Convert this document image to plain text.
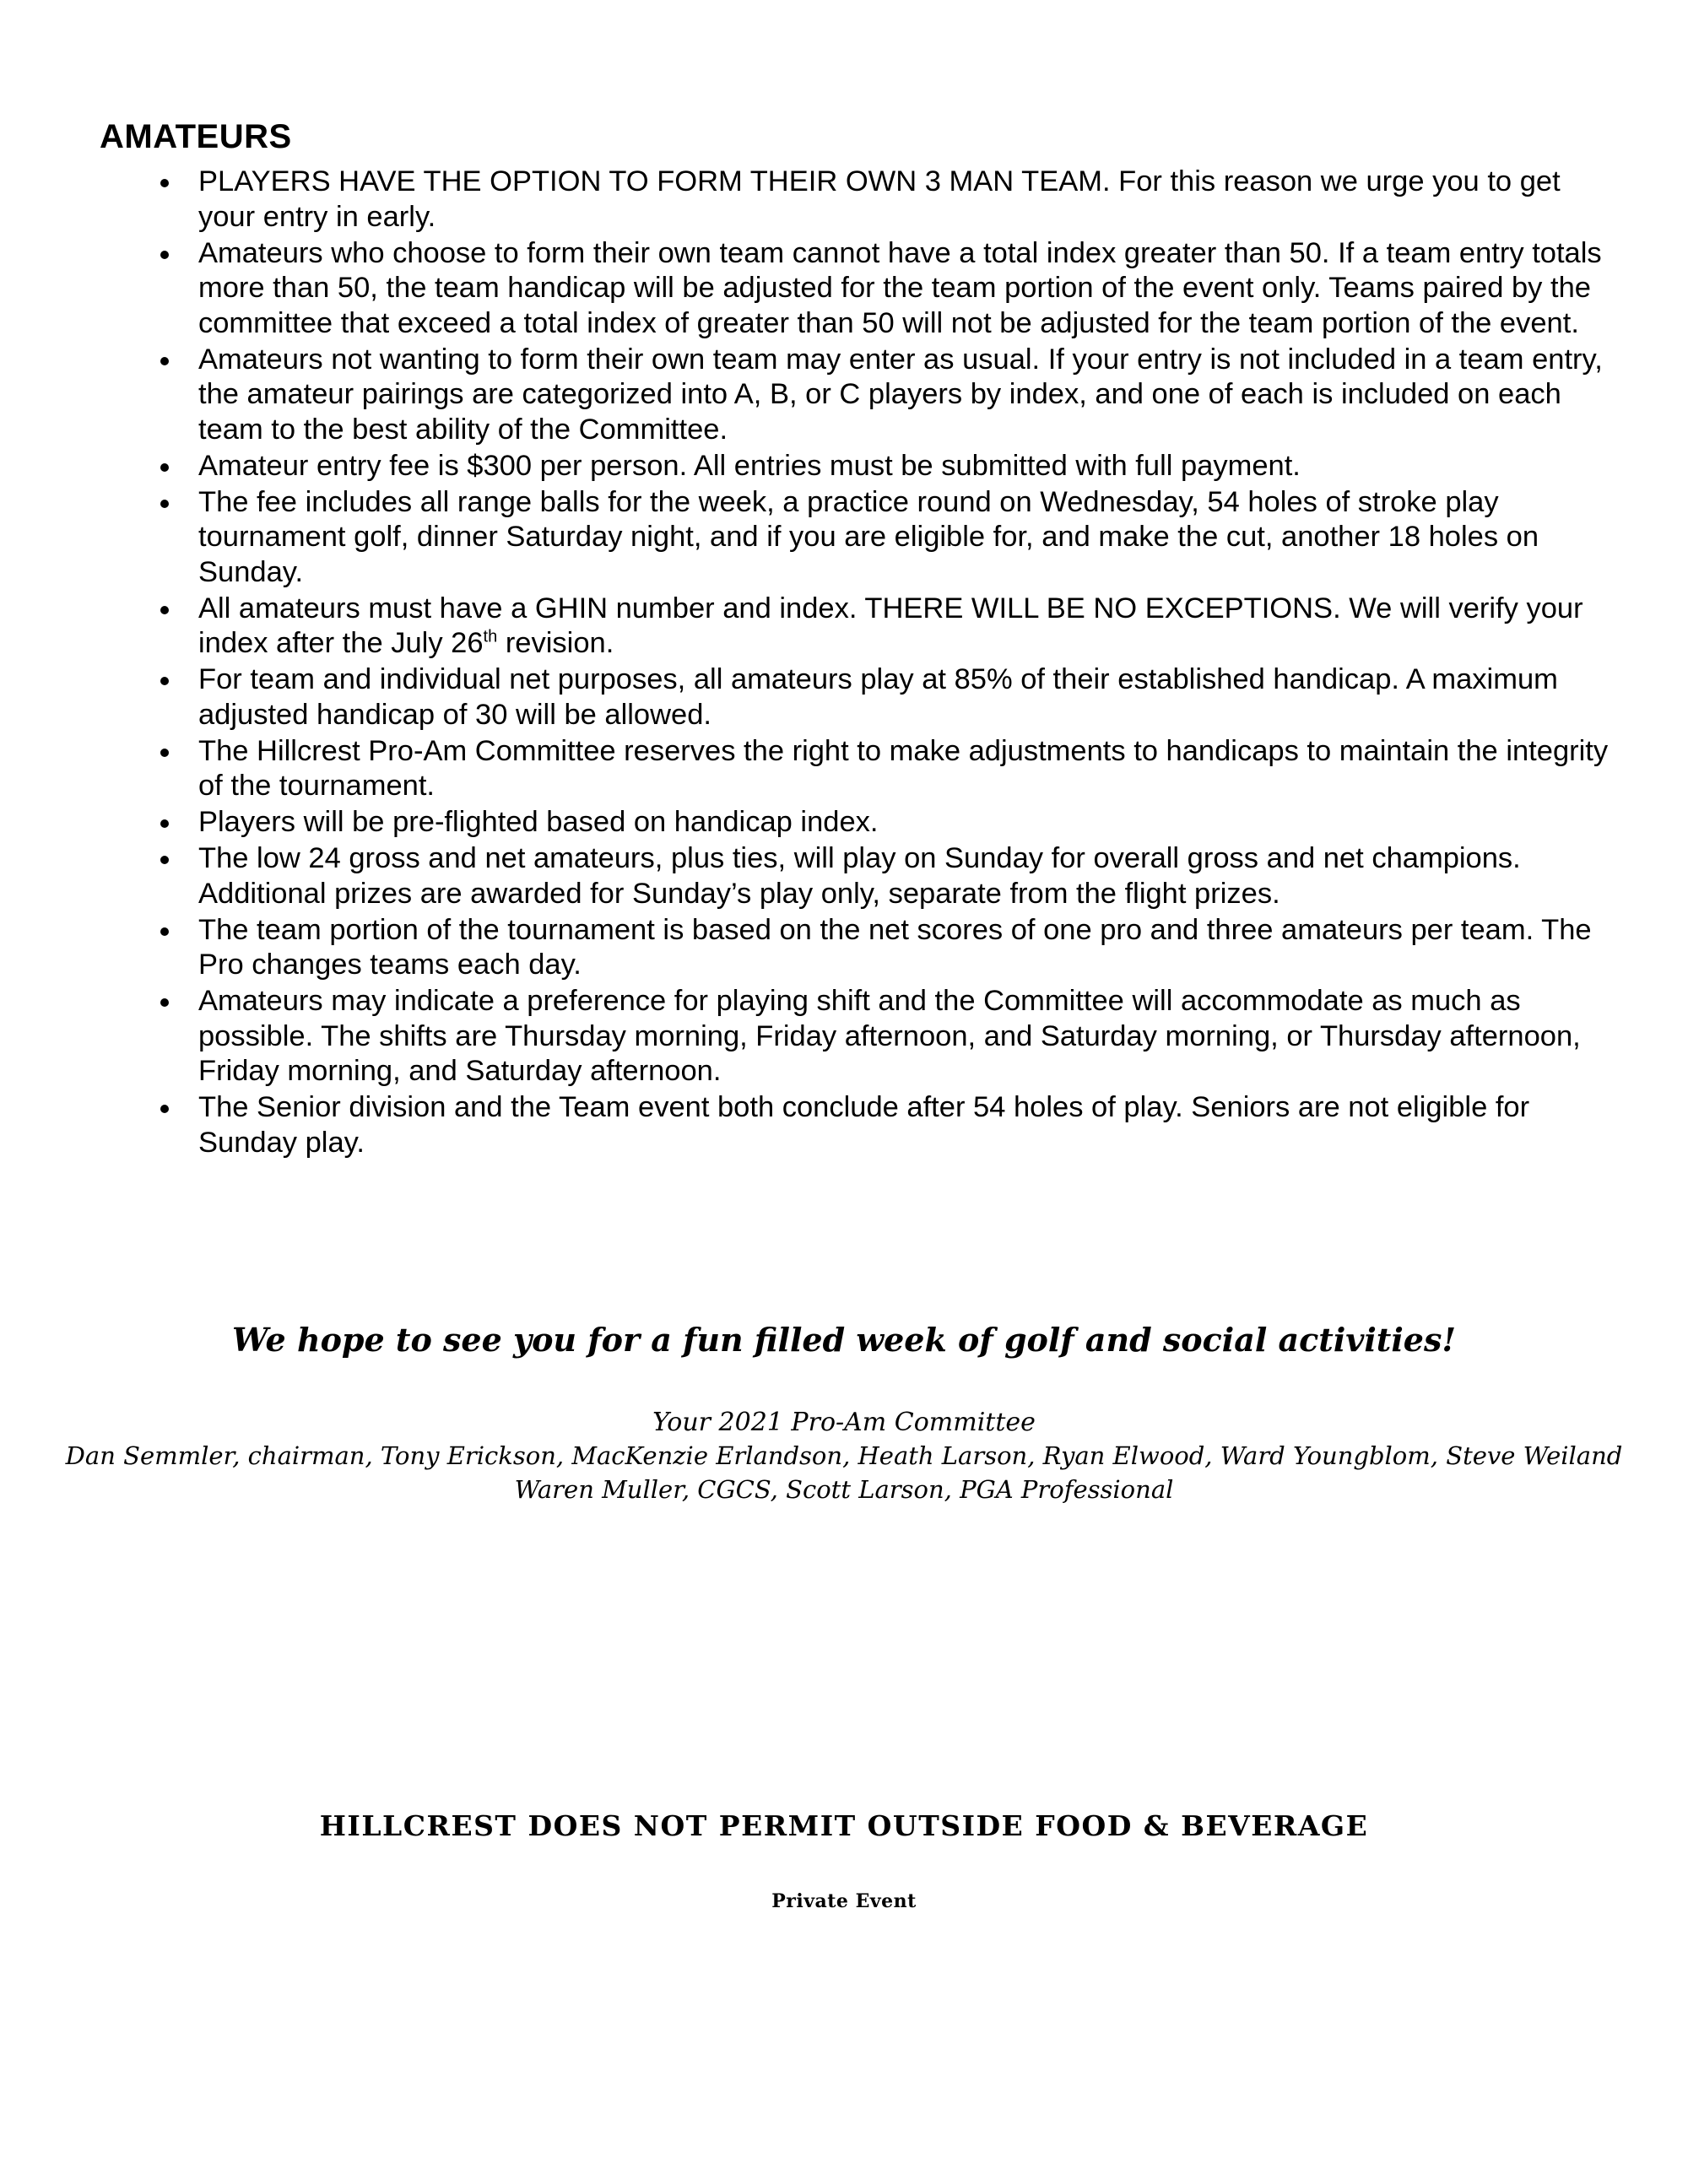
AMATEURS
PLAYERS HAVE THE OPTION TO FORM THEIR OWN 3 MAN TEAM. For this reason we urge you to get your entry in early.
Amateurs who choose to form their own team cannot have a total index greater than 50. If a team entry totals more than 50, the team handicap will be adjusted for the team portion of the event only. Teams paired by the committee that exceed a total index of greater than 50 will not be adjusted for the team portion of the event.
Amateurs not wanting to form their own team may enter as usual. If your entry is not included in a team entry, the amateur pairings are categorized into A, B, or C players by index, and one of each is included on each team to the best ability of the Committee.
Amateur entry fee is $300 per person. All entries must be submitted with full payment.
The fee includes all range balls for the week, a practice round on Wednesday, 54 holes of stroke play tournament golf, dinner Saturday night, and if you are eligible for, and make the cut, another 18 holes on Sunday.
All amateurs must have a GHIN number and index. THERE WILL BE NO EXCEPTIONS. We will verify your index after the July 26th revision.
For team and individual net purposes, all amateurs play at 85% of their established handicap. A maximum adjusted handicap of 30 will be allowed.
The Hillcrest Pro-Am Committee reserves the right to make adjustments to handicaps to maintain the integrity of the tournament.
Players will be pre-flighted based on handicap index.
The low 24 gross and net amateurs, plus ties, will play on Sunday for overall gross and net champions. Additional prizes are awarded for Sunday’s play only, separate from the flight prizes.
The team portion of the tournament is based on the net scores of one pro and three amateurs per team. The Pro changes teams each day.
Amateurs may indicate a preference for playing shift and the Committee will accommodate as much as possible. The shifts are Thursday morning, Friday afternoon, and Saturday morning, or Thursday afternoon, Friday morning, and Saturday afternoon.
The Senior division and the Team event both conclude after 54 holes of play. Seniors are not eligible for Sunday play.

We hope to see you for a fun filled week of golf and social activities!

Your 2021 Pro-Am Committee

Dan Semmler, chairman, Tony Erickson, MacKenzie Erlandson, Heath Larson, Ryan Elwood, Ward Youngblom, Steve Weiland

Waren Muller, CGCS, Scott Larson, PGA Professional

HILLCREST DOES NOT PERMIT OUTSIDE FOOD & BEVERAGE

Private Event
